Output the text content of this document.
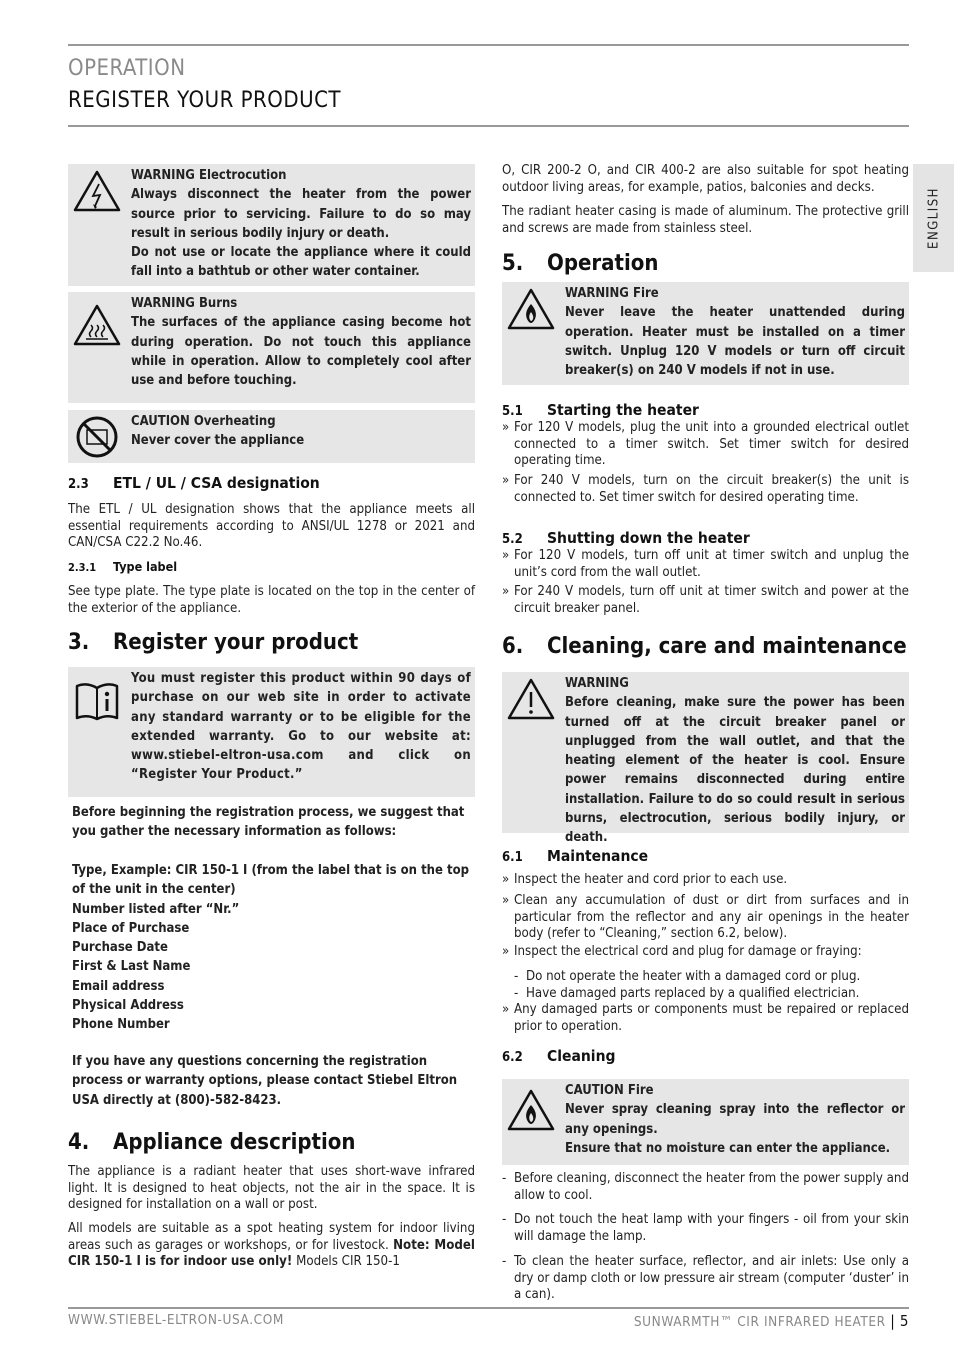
OPERATION
REGISTER YOUR PRODUCT
ENGLISH
WARNING Electrocution
Always disconnect the heater from the power source prior to servicing. Failure to do so may result in serious bodily injury or death.
Do not use or locate the appliance where it could fall into a bathtub or other water container.
WARNING Burns
The surfaces of the appliance casing become hot during operation. Do not touch this appliance while in operation. Allow to completely cool after use and before touching.
CAUTION Overheating
Never cover the appliance
2.3 ETL / UL / CSA designation
The ETL / UL designation shows that the appliance meets all essential requirements according to ANSI/UL 1278 or 2021 and CAN/CSA C22.2 No.46.
2.3.1 Type label
See type plate. The type plate is located on the top in the center of the exterior of the appliance.
3. Register your product
You must register this product within 90 days of purchase on our web site in order to activate any standard warranty or to be eligible for the extended warranty. Go to our website at: www.stiebel-eltron-usa.com and click on “Register Your Product.”
Before beginning the registration process, we suggest that you gather the necessary information as follows:
Type, Example: CIR 150-1 I (from the label that is on the top of the unit in the center)
Number listed after “Nr.”
Place of Purchase
Purchase Date
First & Last Name
Email address
Physical Address
Phone Number
If you have any questions concerning the registration process or warranty options, please contact Stiebel Eltron USA directly at (800)-582-8423.
4. Appliance description
The appliance is a radiant heater that uses short-wave infrared light. It is designed to heat objects, not the air in the space. It is designed for installation on a wall or post.
All models are suitable as a spot heating system for indoor living areas such as garages or workshops, or for livestock. Note: Model CIR 150-1 I is for indoor use only! Models CIR 150-1
O, CIR 200-2 O, and CIR 400-2 are also suitable for spot heating outdoor living areas, for example, patios, balconies and decks.
The radiant heater casing is made of aluminum. The protective grill and screws are made from stainless steel.
5. Operation
WARNING Fire
Never leave the heater unattended during operation. Heater must be installed on a timer switch. Unplug 120 V models or turn off circuit breaker(s) on 240 V models if not in use.
5.1 Starting the heater
» For 120 V models, plug the unit into a grounded electrical outlet connected to a timer switch. Set timer switch for desired operating time.
» For 240 V models, turn on the circuit breaker(s) the unit is connected to. Set timer switch for desired operating time.
5.2 Shutting down the heater
» For 120 V models, turn off unit at timer switch and unplug the unit’s cord from the wall outlet.
» For 240 V models, turn off unit at timer switch and power at the circuit breaker panel.
6. Cleaning, care and maintenance
WARNING
Before cleaning, make sure the power has been turned off at the circuit breaker panel or unplugged from the wall outlet, and that the heating element of the heater is cool. Ensure power remains disconnected during entire installation. Failure to do so could result in serious burns, electrocution, serious bodily injury, or death.
6.1 Maintenance
» Inspect the heater and cord prior to each use.
» Clean any accumulation of dust or dirt from surfaces and in particular from the reflector and any air openings in the heater body (refer to “Cleaning,” section 6.2, below).
» Inspect the electrical cord and plug for damage or fraying:
- Do not operate the heater with a damaged cord or plug.
- Have damaged parts replaced by a qualified electrician.
» Any damaged parts or components must be repaired or replaced prior to operation.
6.2 Cleaning
CAUTION Fire
Never spray cleaning spray into the reflector or any openings.
Ensure that no moisture can enter the appliance.
- Before cleaning, disconnect the heater from the power supply and allow to cool.
- Do not touch the heat lamp with your fingers - oil from your skin will damage the lamp.
- To clean the heater surface, reflector, and air inlets: Use only a dry or damp cloth or low pressure air stream (computer ‘duster’ in a can).
WWW.STIEBEL-ELTRON-USA.COM	SUNWARMTH™ CIR INFRARED HEATER | 5
